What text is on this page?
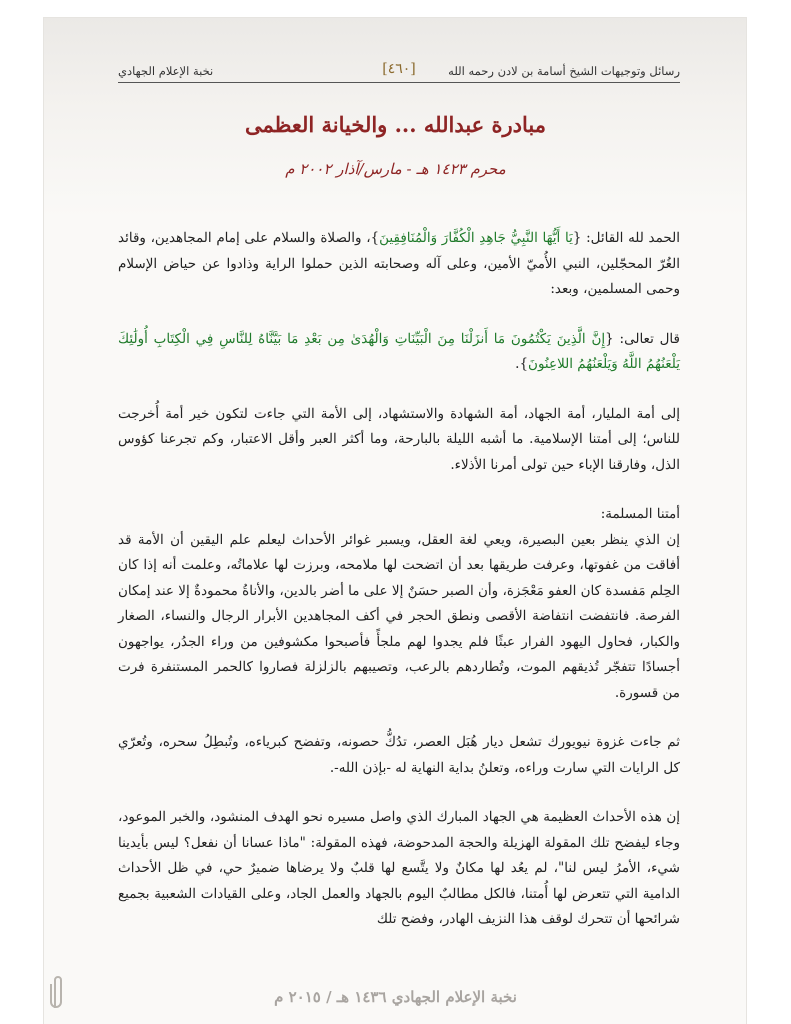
رسائل وتوجيهات الشيخ أسامة بن لادن رحمه الله
[٤٦٠]
نخبة الإعلام الجهادي
مبادرة عبدالله ... والخيانة العظمى
محرم ١٤٢٣ هـ - مارس/آذار ٢٠٠٢ م

الحمد لله القائل: {يَا أَيُّهَا النَّبِيُّ جَاهِدِ الْكُفَّارَ وَالْمُنَافِقِينَ}، والصلاة والسلام على إمام المجاهدين، وقائد الغُرّ المحجّلين، النبي الأُميّ الأمين، وعلى آله وصحابته الذين حملوا الراية وذادوا عن حياض الإسلام وحمى المسلمين، وبعد:

قال تعالى: {إِنَّ الَّذِينَ يَكْتُمُونَ مَا أَنزَلْنَا مِنَ الْبَيِّنَاتِ وَالْهُدَىٰ مِن بَعْدِ مَا بَيَّنَّاهُ لِلنَّاسِ فِي الْكِتَابِ أُولَٰئِكَ يَلْعَنُهُمُ اللَّهُ وَيَلْعَنُهُمُ اللاعِنُونَ}.

إلى أمة المليار، أمة الجهاد، أمة الشهادة والاستشهاد، إلى الأمة التي جاءت لتكون خير أمة أُخرجت للناس؛ إلى أمتنا الإسلامية. ما أشبه الليلة بالبارحة، وما أكثر العبر وأقل الاعتبار، وكم تجرعنا كؤوس الذل، وفارقنا الإباء حين تولى أمرنا الأذلاء.

أمتنا المسلمة:
إن الذي ينظر بعين البصيرة، ويعي لغة العقل، ويسبر غوائر الأحداث ليعلم علم اليقين أن الأمة قد أفاقت من غفوتها، وعرفت طريقها بعد أن اتضحت لها ملامحه، وبرزت لها علاماتُه، وعلمت أنه إذا كان الحِلم مَفسدة كان العفو مَعْجَزة، وأن الصبر حسَنٌ إلا على ما أضر بالدين، والأناةُ محمودةٌ إلا عند إمكان الفرصة. فانتفضت انتفاضة الأقصى ونطق الحجر في أكف المجاهدين الأبرار الرجال والنساء، الصغار والكبار، فحاول اليهود الفرار عبثًا فلم يجدوا لهم ملجأً فأصبحوا مكشوفين من وراء الجدُر، يواجهون أجسادًا تتفجّر تُذيقهم الموت، وتُطاردهم بالرعب، وتصيبهم بالزلزلة فصاروا كالحمر المستنفرة فرت من قسورة.

ثم جاءت غزوة نيويورك تشعل ديار هُبَل العصر، تدُكُّ حصونه، وتفضح كبرياءه، وتُبطِلُ سحره، وتُعرّي كل الرايات التي سارت وراءه، وتعلنُ بداية النهاية له -بإذن الله-.

إن هذه الأحداث العظيمة هي الجهاد المبارك الذي واصل مسيره نحو الهدف المنشود، والخبر الموعود، وجاء ليفضح تلك المقولة الهزيلة والحجة المدحوضة، فهذه المقولة: "ماذا عسانا أن نفعل؟ ليس بأيدينا شيء، الأمرُ ليس لنا"، لم يعُد لها مكانٌ ولا يتَّسع لها قلبٌ ولا يرضاها ضميرٌ حي، في ظل الأحداث الدامية التي تتعرض لها أُمتنا، فالكل مطالبٌ اليوم بالجهاد والعمل الجاد، وعلى القيادات الشعبية بجميع شرائحها أن تتحرك لوقف هذا النزيف الهادر، وفضح تلك

نخبة الإعلام الجهادي ١٤٣٦ هـ / ٢٠١٥ م
